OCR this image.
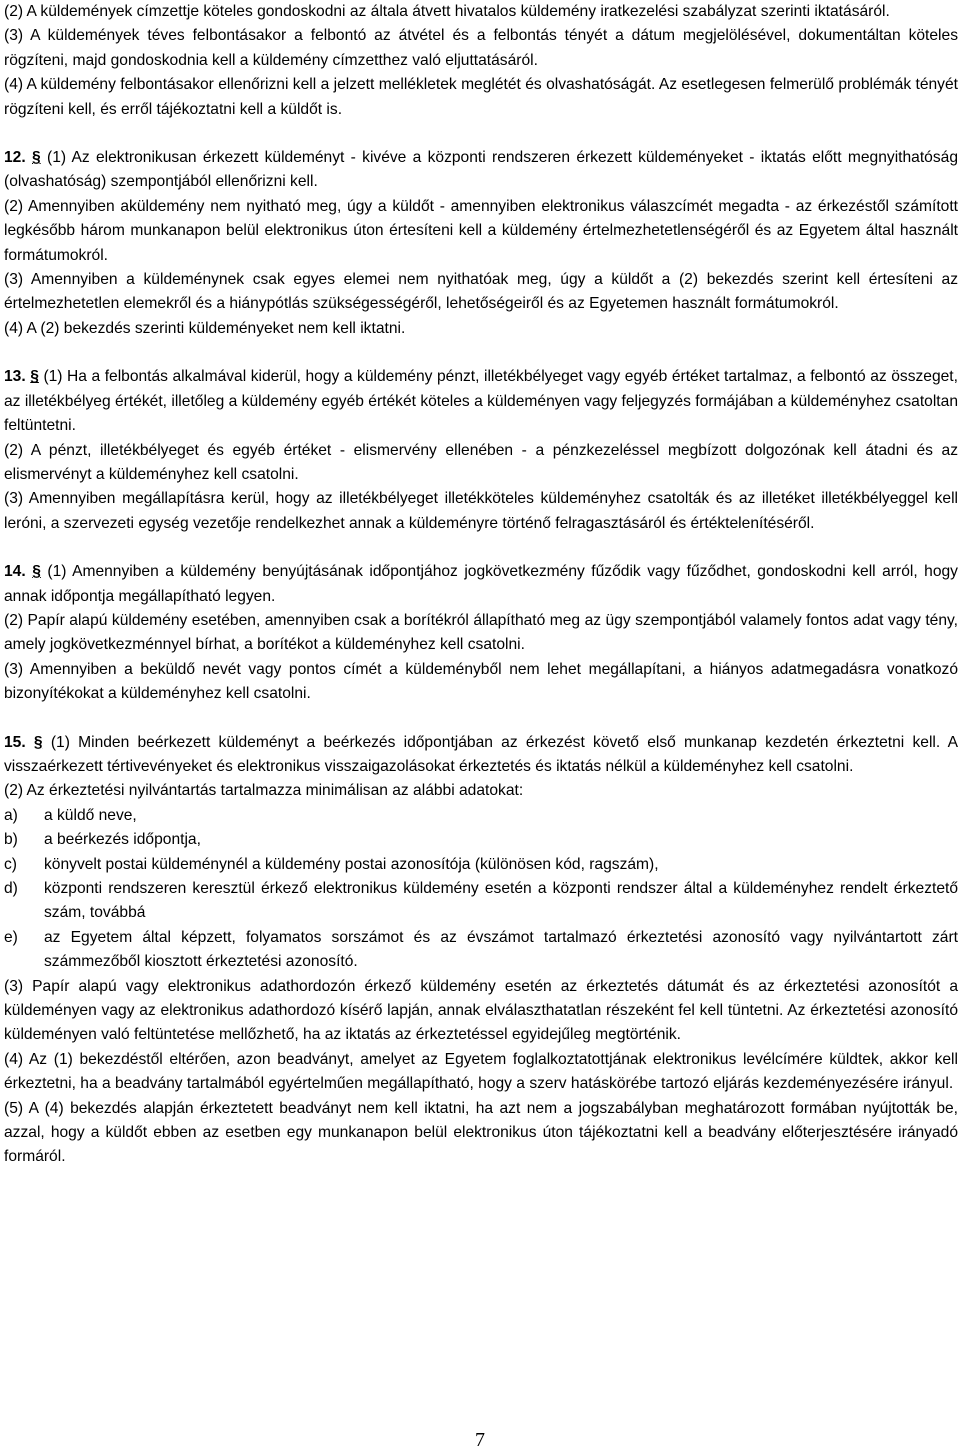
(2) A küldemények címzettje köteles gondoskodni az általa átvett hivatalos küldemény iratkezelési szabályzat szerinti iktatásáról.

(3) A küldemények téves felbontásakor a felbontó az átvétel és a felbontás tényét a dátum megjelölésével, dokumentáltan köteles rögzíteni, majd gondoskodnia kell a küldemény címzetthez való eljuttatásáról.

(4) A küldemény felbontásakor ellenőrizni kell a jelzett mellékletek meglétét és olvashatóságát. Az esetlegesen felmerülő problémák tényét rögzíteni kell, és erről tájékoztatni kell a küldőt is.

12. § (1) Az elektronikusan érkezett küldeményt - kivéve a központi rendszeren érkezett küldeményeket - iktatás előtt megnyithatóság (olvashatóság) szempontjából ellenőrizni kell.

(2) Amennyiben aküldemény nem nyitható meg, úgy a küldőt - amennyiben elektronikus válaszcímét megadta - az érkezéstől számított legkésőbb három munkanapon belül elektronikus úton értesíteni kell a küldemény értelmezhetetlenségéről és az Egyetem által használt formátumokról.

(3) Amennyiben a küldeménynek csak egyes elemei nem nyithatóak meg, úgy a küldőt a (2) bekezdés szerint kell értesíteni az értelmezhetetlen elemekről és a hiánypótlás szükségességéről, lehetőségeiről és az Egyetemen használt formátumokról.

(4) A (2) bekezdés szerinti küldeményeket nem kell iktatni.

13. § (1) Ha a felbontás alkalmával kiderül, hogy a küldemény pénzt, illetékbélyeget vagy egyéb értéket tartalmaz, a felbontó az összeget, az illetékbélyeg értékét, illetőleg a küldemény egyéb értékét köteles a küldeményen vagy feljegyzés formájában a küldeményhez csatoltan feltüntetni.

(2) A pénzt, illetékbélyeget és egyéb értéket - elismervény ellenében - a pénzkezeléssel megbízott dolgozónak kell átadni és az elismervényt a küldeményhez kell csatolni.

(3) Amennyiben megállapításra kerül, hogy az illetékbélyeget illetékköteles küldeményhez csatolták és az illetéket illetékbélyeggel kell leróni, a szervezeti egység vezetője rendelkezhet annak a küldeményre történő felragasztásáról és értéktelenítéséről.

14. § (1) Amennyiben a küldemény benyújtásának időpontjához jogkövetkezmény fűződik vagy fűződhet, gondoskodni kell arról, hogy annak időpontja megállapítható legyen.

(2) Papír alapú küldemény esetében, amennyiben csak a borítékról állapítható meg az ügy szempontjából valamely fontos adat vagy tény, amely jogkövetkezménnyel bírhat, a borítékot a küldeményhez kell csatolni.

(3) Amennyiben a beküldő nevét vagy pontos címét a küldeményből nem lehet megállapítani, a hiányos adatmegadásra vonatkozó bizonyítékokat a küldeményhez kell csatolni.

15. § (1) Minden beérkezett küldeményt a beérkezés időpontjában az érkezést követő első munkanap kezdetén érkeztetni kell. A visszaérkezett tértivevényeket és elektronikus visszaigazolásokat érkeztetés és iktatás nélkül a küldeményhez kell csatolni.

(2) Az érkeztetési nyilvántartás tartalmazza minimálisan az alábbi adatokat:

a)	a küldő neve,
b)	a beérkezés időpontja,
c)	könyvelt postai küldeménynél a küldemény postai azonosítója (különösen kód, ragszám),
d)	központi rendszeren keresztül érkező elektronikus küldemény esetén a központi rendszer által a küldeményhez rendelt érkeztető szám, továbbá
e)	az Egyetem által képzett, folyamatos sorszámot és az évszámot tartalmazó érkeztetési azonosító vagy nyilvántartott zárt számmezőből kiosztott érkeztetési azonosító.

(3) Papír alapú vagy elektronikus adathordozón érkező küldemény esetén az érkeztetés dátumát és az érkeztetési azonosítót a küldeményen vagy az elektronikus adathordozó kísérő lapján, annak elválaszthatatlan részeként fel kell tüntetni. Az érkeztetési azonosító küldeményen való feltüntetése mellőzhető, ha az iktatás az érkeztetéssel egyidejűleg megtörténik.

(4) Az (1) bekezdéstől eltérően, azon beadványt, amelyet az Egyetem foglalkoztatottjának elektronikus levélcímére küldtek, akkor kell érkeztetni, ha a beadvány tartalmából egyértelműen megállapítható, hogy a szerv hatáskörébe tartozó eljárás kezdeményezésére irányul.

(5) A (4) bekezdés alapján érkeztetett beadványt nem kell iktatni, ha azt nem a jogszabályban meghatározott formában nyújtották be, azzal, hogy a küldőt ebben az esetben egy munkanapon belül elektronikus úton tájékoztatni kell a beadvány előterjesztésére irányadó formáról.

7
